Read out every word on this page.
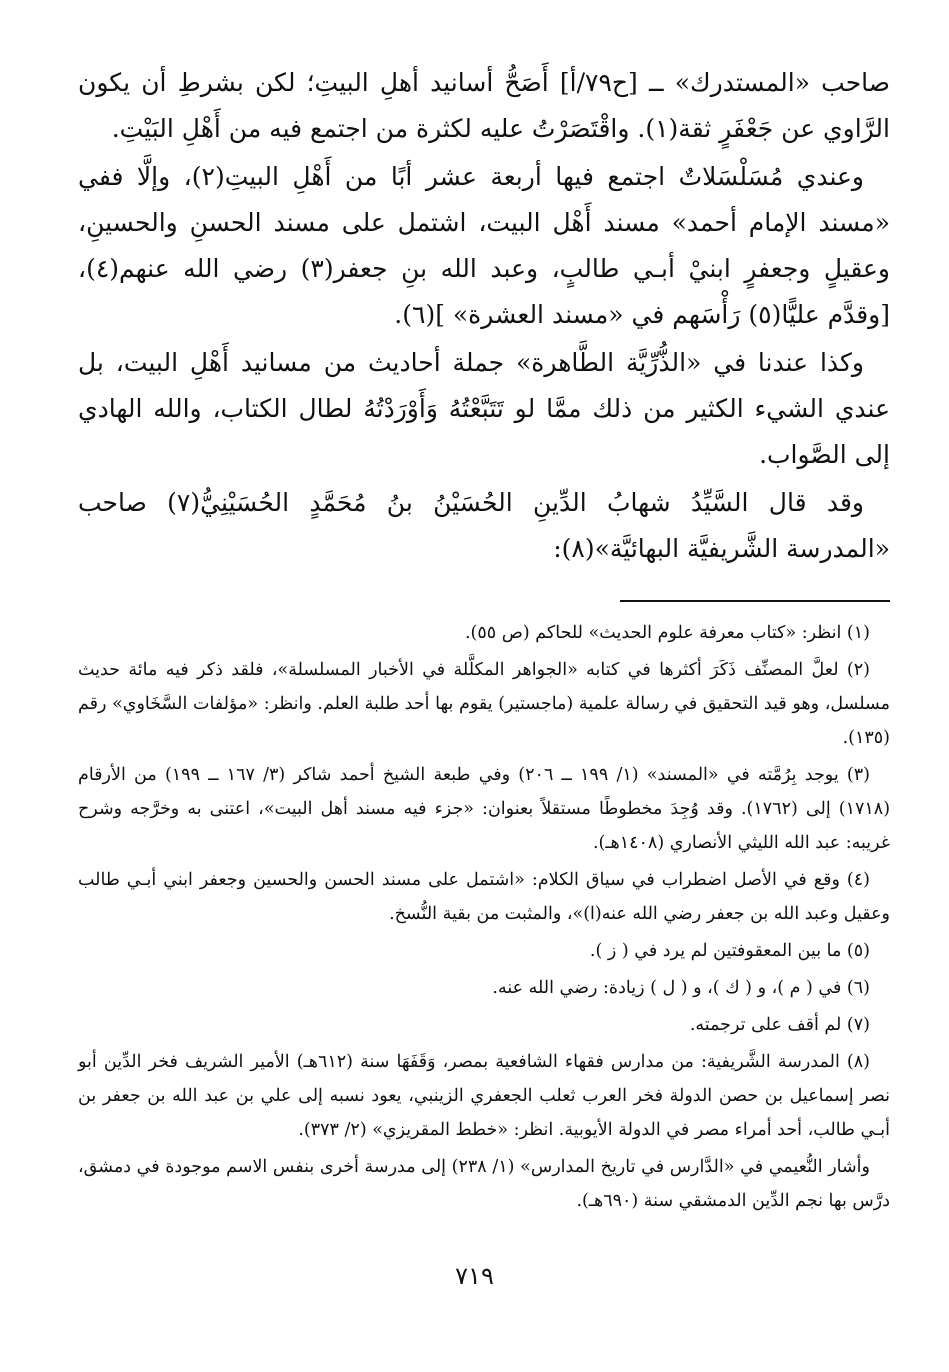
صاحب «المستدرك» ــ [ح٧٩/أ] أَصَحُّ أسانيد أهلِ البيتِ؛ لكن بشرطِ أن يكون الرَّاوي عن جَعْفَرٍ ثقة(١). واقْتَصَرْتُ عليه لكثرة من اجتمع فيه من أَهْلِ البَيْتِ.

وعندي مُسَلْسَلاتٌ اجتمع فيها أربعة عشر أبًا من أَهْلِ البيتِ(٢)، وإلَّا ففي «مسند الإمام أحمد» مسند أَهْل البيت، اشتمل على مسند الحسنِ والحسينِ، وعقيلٍ وجعفرٍ ابنيْ أبـي طالبٍ، وعبد الله بنِ جعفر(٣) رضي الله عنهم(٤)، [وقدَّم عليًّا(٥) رَأْسَهم في «مسند العشرة» ](٦).

وكذا عندنا في «الذُّرِّيَّة الطَّاهرة» جملة أحاديث من مسانيد أَهْلِ البيت، بل عندي الشيء الكثير من ذلك ممَّا لو تَتَبَّعْتُهُ وَأَوْرَدْتُهُ لطال الكتاب، والله الهادي إلى الصَّواب.

وقد قال السَّيِّدُ شهابُ الدِّينِ الحُسَيْنُ بنُ مُحَمَّدٍ الحُسَيْنِيُّ(٧) صاحب «المدرسة الشَّريفيَّة البهائيَّة»(٨):

(١) انظر: «كتاب معرفة علوم الحديث» للحاكم (ص ٥٥).

(٢) لعلَّ المصنِّف ذَكَرَ أكثرها في كتابه «الجواهر المكلَّلة في الأخبار المسلسلة»، فلقد ذكر فيه مائة حديث مسلسل، وهو قيد التحقيق في رسالة علمية (ماجستير) يقوم بها أحد طلبة العلم. وانظر: «مؤلفات السَّخَاوي» رقم (١٣٥).

(٣) يوجد بِرُمَّته في «المسند» (١/ ١٩٩ ــ ٢٠٦) وفي طبعة الشيخ أحمد شاكر (٣/ ١٦٧ ــ ١٩٩) من الأرقام (١٧١٨) إلى (١٧٦٢). وقد وُجِدَ مخطوطًا مستقلاً بعنوان: «جزء فيه مسند أهل البيت»، اعتنى به وخرَّجه وشرح غريبه: عبد الله الليثي الأنصاري (١٤٠٨هـ).

(٤) وقع في الأصل اضطراب في سياق الكلام: «اشتمل على مسند الحسن والحسين وجعفر ابني أبـي طالب وعقيل وعبد الله بن جعفر رضي الله عنه(ا)»، والمثبت من بقية النُّسخ.

(٥) ما بين المعقوفتين لم يرد في ( ز ).

(٦) في ( م )، و ( ك )، و ( ل ) زيادة: رضي الله عنه.

(٧) لم أقف على ترجمته.

(٨) المدرسة الشَّريفية: من مدارس فقهاء الشافعية بمصر، وَقَفَهَا سنة (٦١٢هـ) الأمير الشريف فخر الدِّين أبو نصر إسماعيل بن حصن الدولة فخر العرب ثعلب الجعفري الزينبي، يعود نسبه إلى علي بن عبد الله بن جعفر بن أبـي طالب، أحد أمراء مصر في الدولة الأيوبية. انظر: «خطط المقريزي» (٢/ ٣٧٣).

وأشار النُّعيمي في «الدَّارس في تاريخ المدارس» (١/ ٢٣٨) إلى مدرسة أخرى بنفس الاسم موجودة في دمشق، درَّس بها نجم الدِّين الدمشقي سنة (٦٩٠هـ).

٧١٩
